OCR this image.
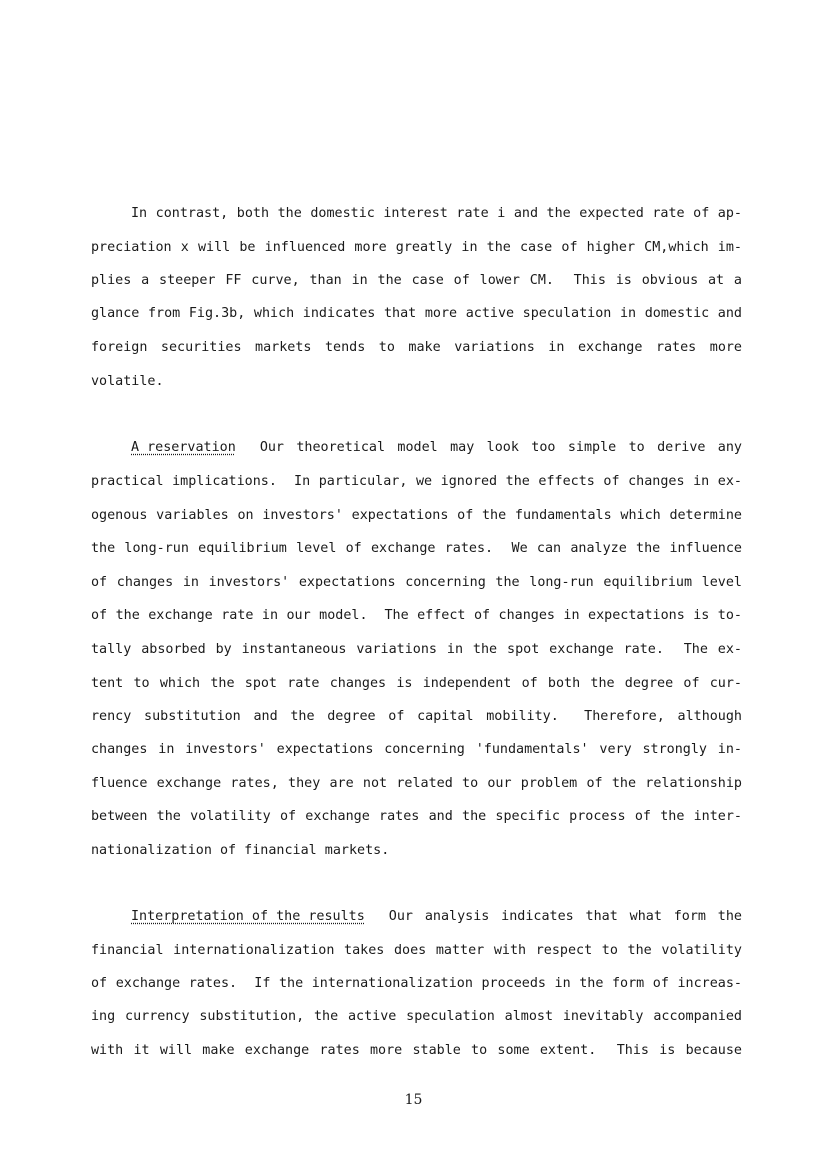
In contrast, both the domestic interest rate i and the expected rate of ap-
preciation x will be influenced more greatly in the case of higher CM,which im-
plies a steeper FF curve, than in the case of lower CM.  This is obvious at a
glance from Fig.3b, which indicates that more active speculation in domestic and
foreign securities markets tends to make variations in exchange rates more
volatile.
A reservation Our theoretical model may look too simple to derive any
practical implications.  In particular, we ignored the effects of changes in ex-
ogenous variables on investors' expectations of the fundamentals which determine
the long-run equilibrium level of exchange rates.  We can analyze the influence
of changes in investors' expectations concerning the long-run equilibrium level
of the exchange rate in our model.  The effect of changes in expectations is to-
tally absorbed by instantaneous variations in the spot exchange rate.  The ex-
tent to which the spot rate changes is independent of both the degree of cur-
rency substitution and the degree of capital mobility.  Therefore, although
changes in investors' expectations concerning 'fundamentals' very strongly in-
fluence exchange rates, they are not related to our problem of the relationship
between the volatility of exchange rates and the specific process of the inter-
nationalization of financial markets.
Interpretation of the results Our analysis indicates that what form the
financial internationalization takes does matter with respect to the volatility
of exchange rates.  If the internationalization proceeds in the form of increas-
ing currency substitution, the active speculation almost inevitably accompanied
with it will make exchange rates more stable to some extent.  This is because
15
